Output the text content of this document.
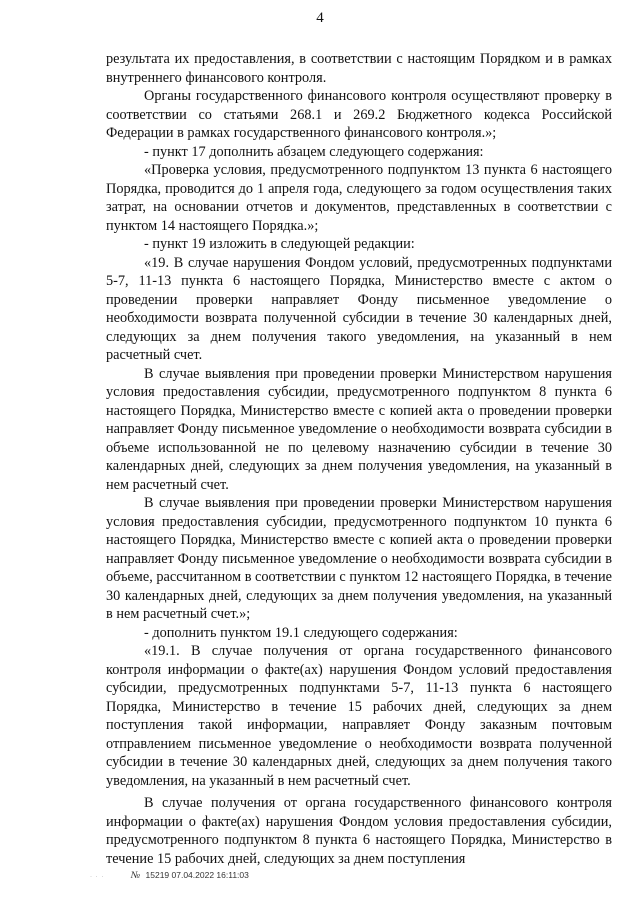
4

результата их предоставления, в соответствии с настоящим Порядком и в рамках внутреннего финансового контроля.

Органы государственного финансового контроля осуществляют проверку в соответствии со статьями 268.1 и 269.2 Бюджетного кодекса Российской Федерации в рамках государственного финансового контроля.»;

- пункт 17 дополнить абзацем следующего содержания:

«Проверка условия, предусмотренного подпунктом 13 пункта 6 настоящего Порядка, проводится до 1 апреля года, следующего за годом осуществления таких затрат, на основании отчетов и документов, представленных в соответствии с пунктом 14 настоящего Порядка.»;

- пункт 19 изложить в следующей редакции:

«19. В случае нарушения Фондом условий, предусмотренных подпунктами 5-7, 11-13 пункта 6 настоящего Порядка, Министерство вместе с актом о проведении проверки направляет Фонду письменное уведомление о необходимости возврата полученной субсидии в течение 30 календарных дней, следующих за днем получения такого уведомления, на указанный в нем расчетный счет.

В случае выявления при проведении проверки Министерством нарушения условия предоставления субсидии, предусмотренного подпунктом 8 пункта 6 настоящего Порядка, Министерство вместе с копией акта о проведении проверки направляет Фонду письменное уведомление о необходимости возврата субсидии в объеме использованной не по целевому назначению субсидии в течение 30 календарных дней, следующих за днем получения уведомления, на указанный в нем расчетный счет.

В случае выявления при проведении проверки Министерством нарушения условия предоставления субсидии, предусмотренного подпунктом 10 пункта 6 настоящего Порядка, Министерство вместе с копией акта о проведении проверки направляет Фонду письменное уведомление о необходимости возврата субсидии в объеме, рассчитанном в соответствии с пунктом 12 настоящего Порядка, в течение 30 календарных дней, следующих за днем получения уведомления, на указанный в нем расчетный счет.»;

- дополнить пунктом 19.1 следующего содержания:

«19.1. В случае получения от органа государственного финансового контроля информации о факте(ах) нарушения Фондом условий предоставления субсидии, предусмотренных подпунктами 5-7, 11-13 пункта 6 настоящего Порядка, Министерство в течение 15 рабочих дней, следующих за днем поступления такой информации, направляет Фонду заказным почтовым отправлением письменное уведомление о необходимости возврата полученной субсидии в течение 30 календарных дней, следующих за днем получения такого уведомления, на указанный в нем расчетный счет.

В случае получения от органа государственного финансового контроля информации о факте(ах) нарушения Фондом условия предоставления субсидии, предусмотренного подпунктом 8 пункта 6 настоящего Порядка, Министерство в течение 15 рабочих дней, следующих за днем поступления

· · ·	№ 15219 07.04.2022 16:11:03
